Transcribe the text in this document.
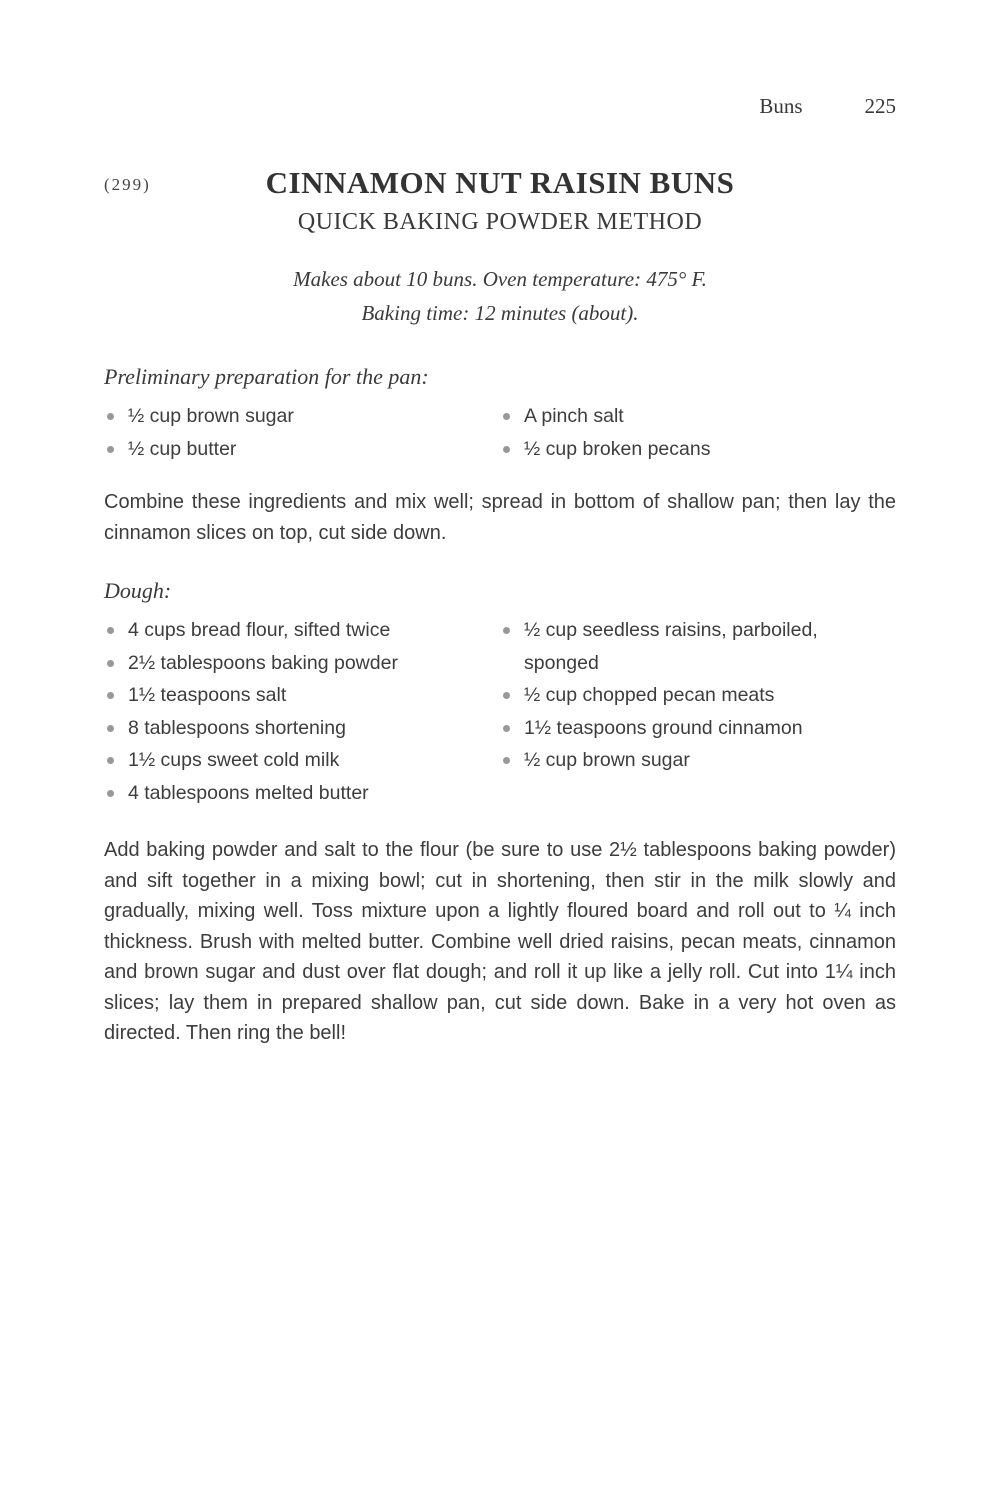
Buns	225
(299)	CINNAMON NUT RAISIN BUNS
QUICK BAKING POWDER METHOD
Makes about 10 buns. Oven temperature: 475° F.
Baking time: 12 minutes (about).
Preliminary preparation for the pan:
½ cup brown sugar
½ cup butter
A pinch salt
½ cup broken pecans

Combine these ingredients and mix well; spread in bottom of shallow pan; then lay the cinnamon slices on top, cut side down.

Dough:
4 cups bread flour, sifted twice
2½ tablespoons baking powder
1½ teaspoons salt
8 tablespoons shortening
1½ cups sweet cold milk
4 tablespoons melted butter
½ cup seedless raisins, parboiled, sponged
½ cup chopped pecan meats
1½ teaspoons ground cinnamon
½ cup brown sugar

Add baking powder and salt to the flour (be sure to use 2½ tablespoons baking powder) and sift together in a mixing bowl; cut in shortening, then stir in the milk slowly and gradually, mixing well. Toss mixture upon a lightly floured board and roll out to ¼ inch thickness. Brush with melted butter. Combine well dried raisins, pecan meats, cinnamon and brown sugar and dust over flat dough; and roll it up like a jelly roll. Cut into 1¼ inch slices; lay them in prepared shallow pan, cut side down. Bake in a very hot oven as directed. Then ring the bell!
